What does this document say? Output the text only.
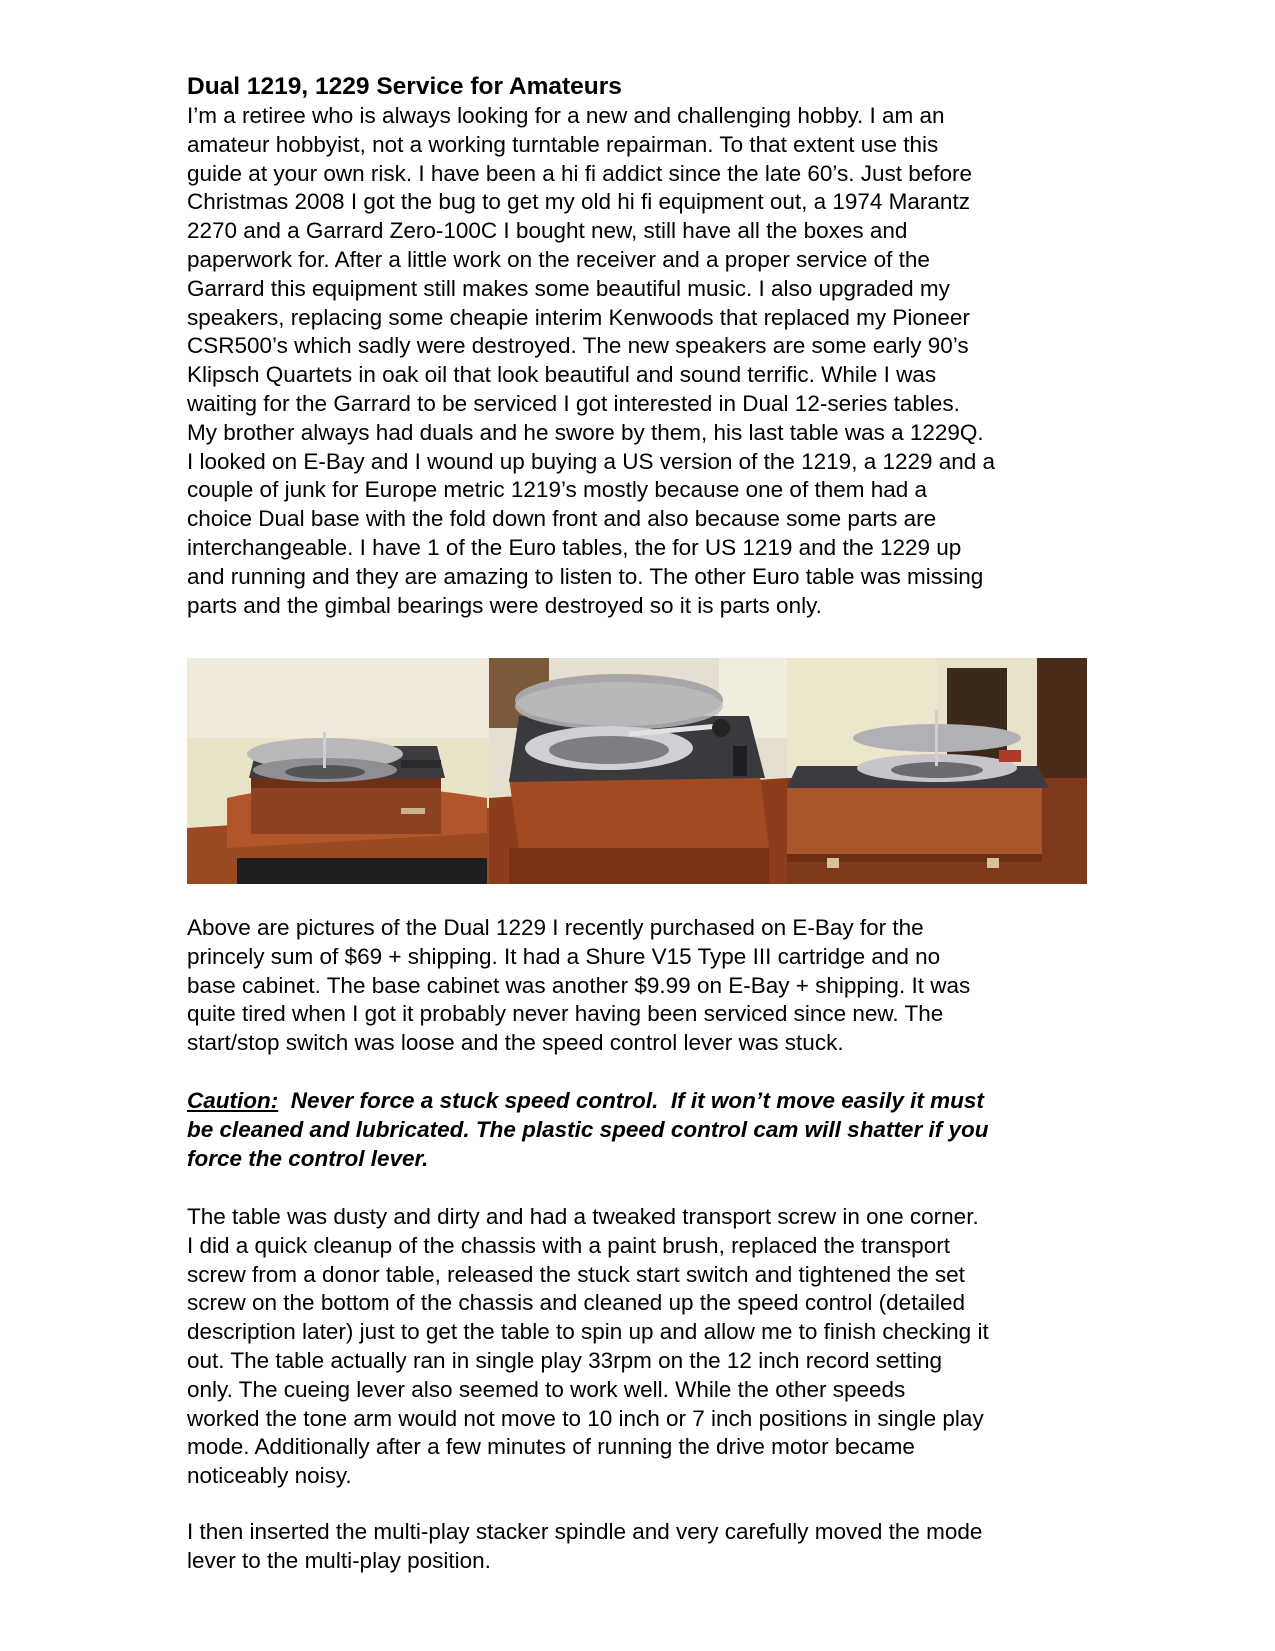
Dual 1219, 1229 Service for Amateurs

I’m a retiree who is always looking for a new and challenging hobby. I am an

amateur hobbyist, not a working turntable repairman. To that extent use this

guide at your own risk. I have been a hi fi addict since the late 60’s. Just before

Christmas 2008 I got the bug to get my old hi fi equipment out, a 1974 Marantz

2270 and a Garrard Zero-100C I bought new, still have all the boxes and

paperwork for. After a little work on the receiver and a proper service of the

Garrard this equipment still makes some beautiful music. I also upgraded my

speakers, replacing some cheapie interim Kenwoods that replaced my Pioneer

CSR500’s which sadly were destroyed. The new speakers are some early 90’s

Klipsch Quartets in oak oil that look beautiful and sound terrific. While I was

waiting for the Garrard to be serviced I got interested in Dual 12-series tables.

My brother always had duals and he swore by them, his last table was a 1229Q.

I looked on E-Bay and I wound up buying a US version of the 1219, a 1229 and a

couple of junk for Europe metric 1219’s mostly because one of them had a

choice Dual base with the fold down front and also because some parts are

interchangeable. I have 1 of the Euro tables, the for US 1219 and the 1229 up

and running and they are amazing to listen to. The other Euro table was missing

parts and the gimbal bearings were destroyed so it is parts only.

Above are pictures of the Dual 1229 I recently purchased on E-Bay for the

princely sum of $69 + shipping. It had a Shure V15 Type III cartridge and no

base cabinet. The base cabinet was another $9.99 on E-Bay + shipping. It was

quite tired when I got it probably never having been serviced since new. The

start/stop switch was loose and the speed control lever was stuck.

Caution:  Never force a stuck speed control.  If it won’t move easily it must

be cleaned and lubricated. The plastic speed control cam will shatter if you

force the control lever.

The table was dusty and dirty and had a tweaked transport screw in one corner.

I did a quick cleanup of the chassis with a paint brush, replaced the transport

screw from a donor table, released the stuck start switch and tightened the set

screw on the bottom of the chassis and cleaned up the speed control (detailed

description later) just to get the table to spin up and allow me to finish checking it

out. The table actually ran in single play 33rpm on the 12 inch record setting

only. The cueing lever also seemed to work well. While the other speeds

worked the tone arm would not move to 10 inch or 7 inch positions in single play

mode. Additionally after a few minutes of running the drive motor became

noticeably noisy.

I then inserted the multi-play stacker spindle and very carefully moved the mode

lever to the multi-play position.
